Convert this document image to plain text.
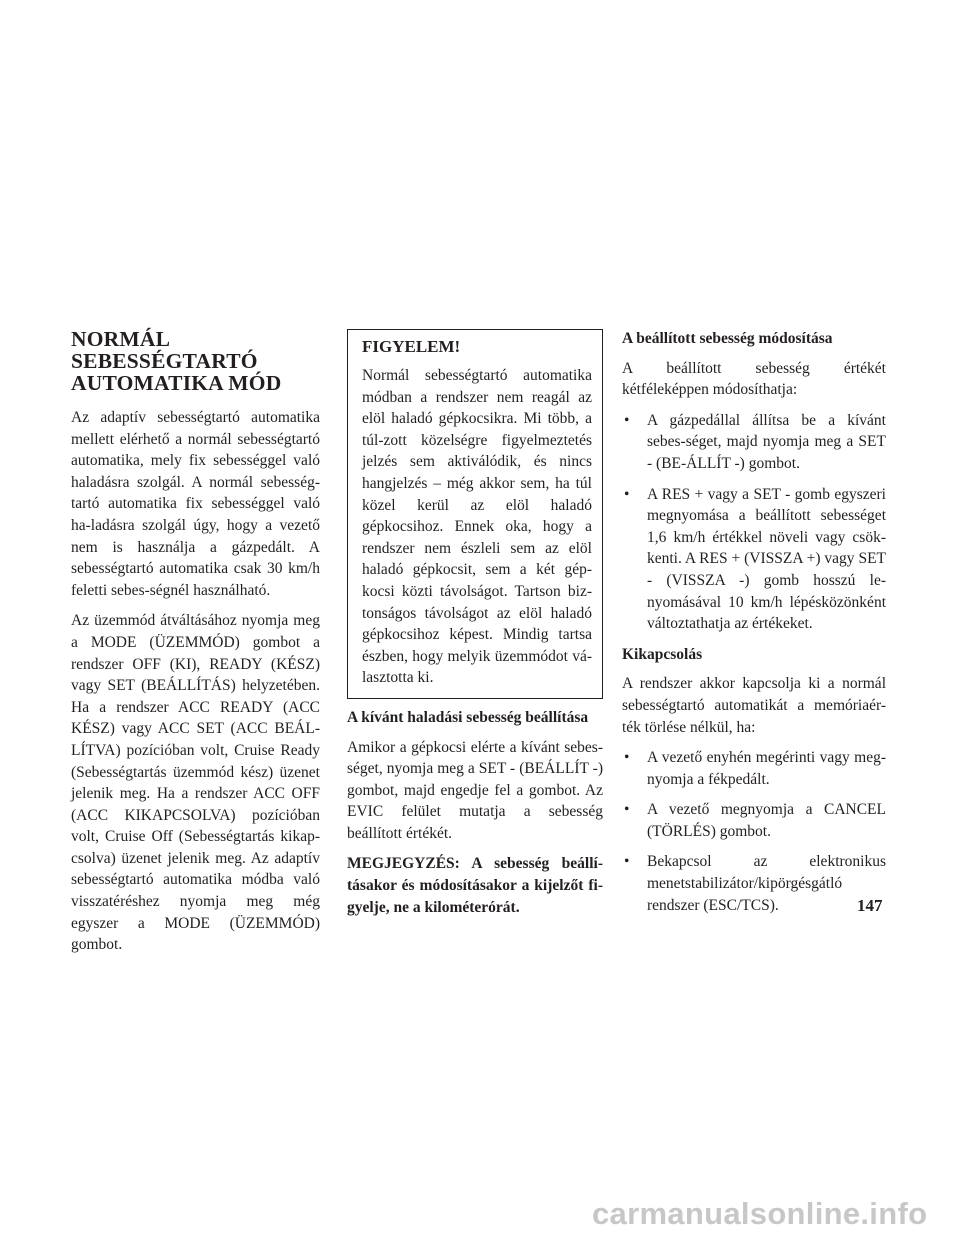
NORMÁL SEBESSÉGTARTÓ AUTOMATIKA MÓD

Az adaptív sebességtartó automatika mellett elérhető a normál sebességtartó automatika, mely fix sebességgel való haladásra szolgál. A normál sebesség-tartó automatika fix sebességgel való ha-ladásra szolgál úgy, hogy a vezető nem is használja a gázpedált. A sebességtartó automatika csak 30 km/h feletti sebes-ségnél használható.

Az üzemmód átváltásához nyomja meg a MODE (ÜZEMMÓD) gombot a rendszer OFF (KI), READY (KÉSZ) vagy SET (BEÁLLÍTÁS) helyzetében. Ha a rendszer ACC READY (ACC KÉSZ) vagy ACC SET (ACC BEÁL-LÍTVA) pozícióban volt, Cruise Ready (Sebességtartás üzemmód kész) üzenet jelenik meg. Ha a rendszer ACC OFF (ACC KIKAPCSOLVA) pozícióban volt, Cruise Off (Sebességtartás kikap-csolva) üzenet jelenik meg. Az adaptív sebességtartó automatika módba való visszatéréshez nyomja meg még egyszer a MODE (ÜZEMMÓD) gombot.

FIGYELEM!

Normál sebességtartó automatika módban a rendszer nem reagál az elöl haladó gépkocsikra. Mi több, a túl-zott közelségre figyelmeztetés jelzés sem aktiválódik, és nincs hangjelzés – még akkor sem, ha túl közel kerül az elöl haladó gépkocsihoz. Ennek oka, hogy a rendszer nem észleli sem az elöl haladó gépkocsit, sem a két gép-kocsi közti távolságot. Tartson biz-tonságos távolságot az elöl haladó gépkocsihoz képest. Mindig tartsa észben, hogy melyik üzemmódot vá-lasztotta ki.

A kívánt haladási sebesség beállítása

Amikor a gépkocsi elérte a kívánt sebes-séget, nyomja meg a SET - (BEÁLLÍT -) gombot, majd engedje fel a gombot. Az EVIC felület mutatja a sebesség beállított értékét.

MEGJEGYZÉS: A sebesség beállí-tásakor és módosításakor a kijelzőt fi-gyelje, ne a kilométerórát.
A beállított sebesség módosítása

A beállított sebesség értékét kétféleképpen módosíthatja:

• A gázpedállal állítsa be a kívánt sebes-séget, majd nyomja meg a SET - (BE-ÁLLÍT -) gombot.
• A RES + vagy a SET - gomb egyszeri megnyomása a beállított sebességet 1,6 km/h értékkel növeli vagy csök-kenti. A RES + (VISSZA +) vagy SET - (VISSZA -) gomb hosszú le-nyomásával 10 km/h lépésközönként változtathatja az értékeket.
Kikapcsolás

A rendszer akkor kapcsolja ki a normál sebességtartó automatikát a memóriaér-ték törlése nélkül, ha:

• A vezető enyhén megérinti vagy meg-nyomja a fékpedált.
• A vezető megnyomja a CANCEL (TÖRLÉS) gombot.
• Bekapcsol az elektronikus menetstabilizátor/kipörgésgátló rendszer (ESC/TCS).	147
carmanualsonline.info
